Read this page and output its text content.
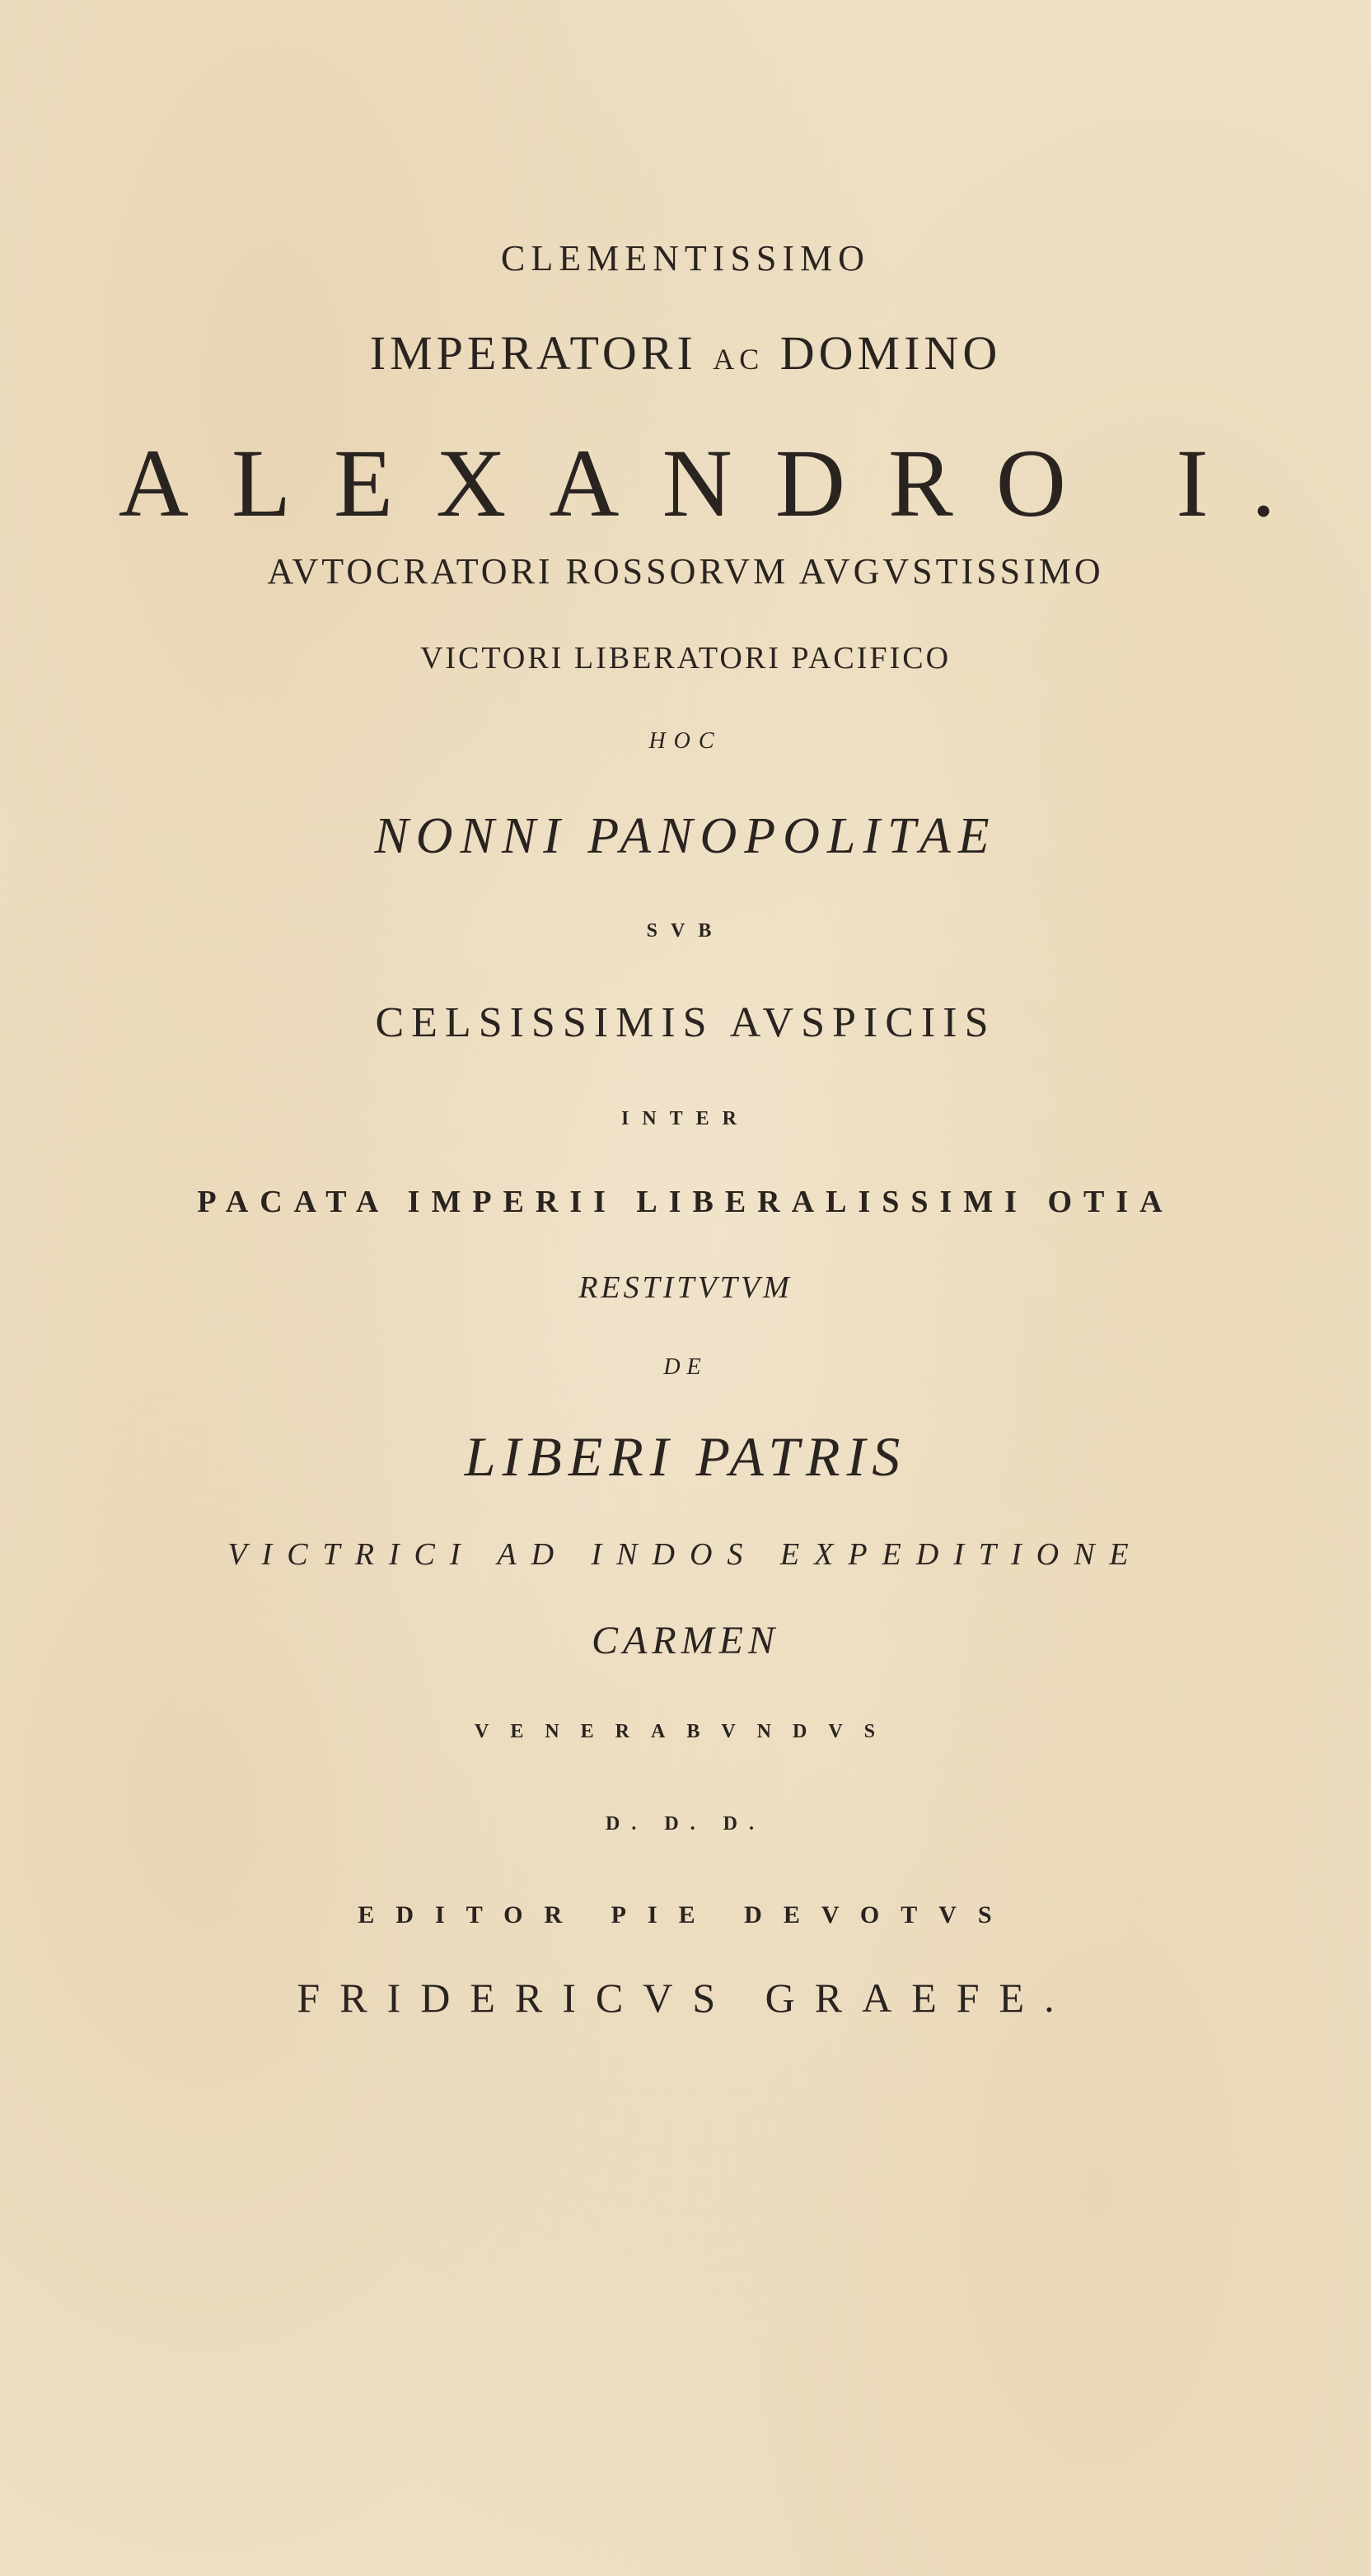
CLEMENTISSIMO
IMPERATORI AC DOMINO
ALEXANDRO I.
AVTOCRATORI ROSSORVM AVGVSTISSIMO
VICTORI LIBERATORI PACIFICO
HOC
NONNI PANOPOLITAE
SVB
CELSISSIMIS AVSPICIIS
INTER
PACATA IMPERII LIBERALISSIMI OTIA
RESTITVTVM
DE
LIBERI PATRIS
VICTRICI AD INDOS EXPEDITIONE
CARMEN
VENERABVNDVS
D. D. D.
EDITOR PIE DEVOTVS
FRIDERICVS GRAEFE.
